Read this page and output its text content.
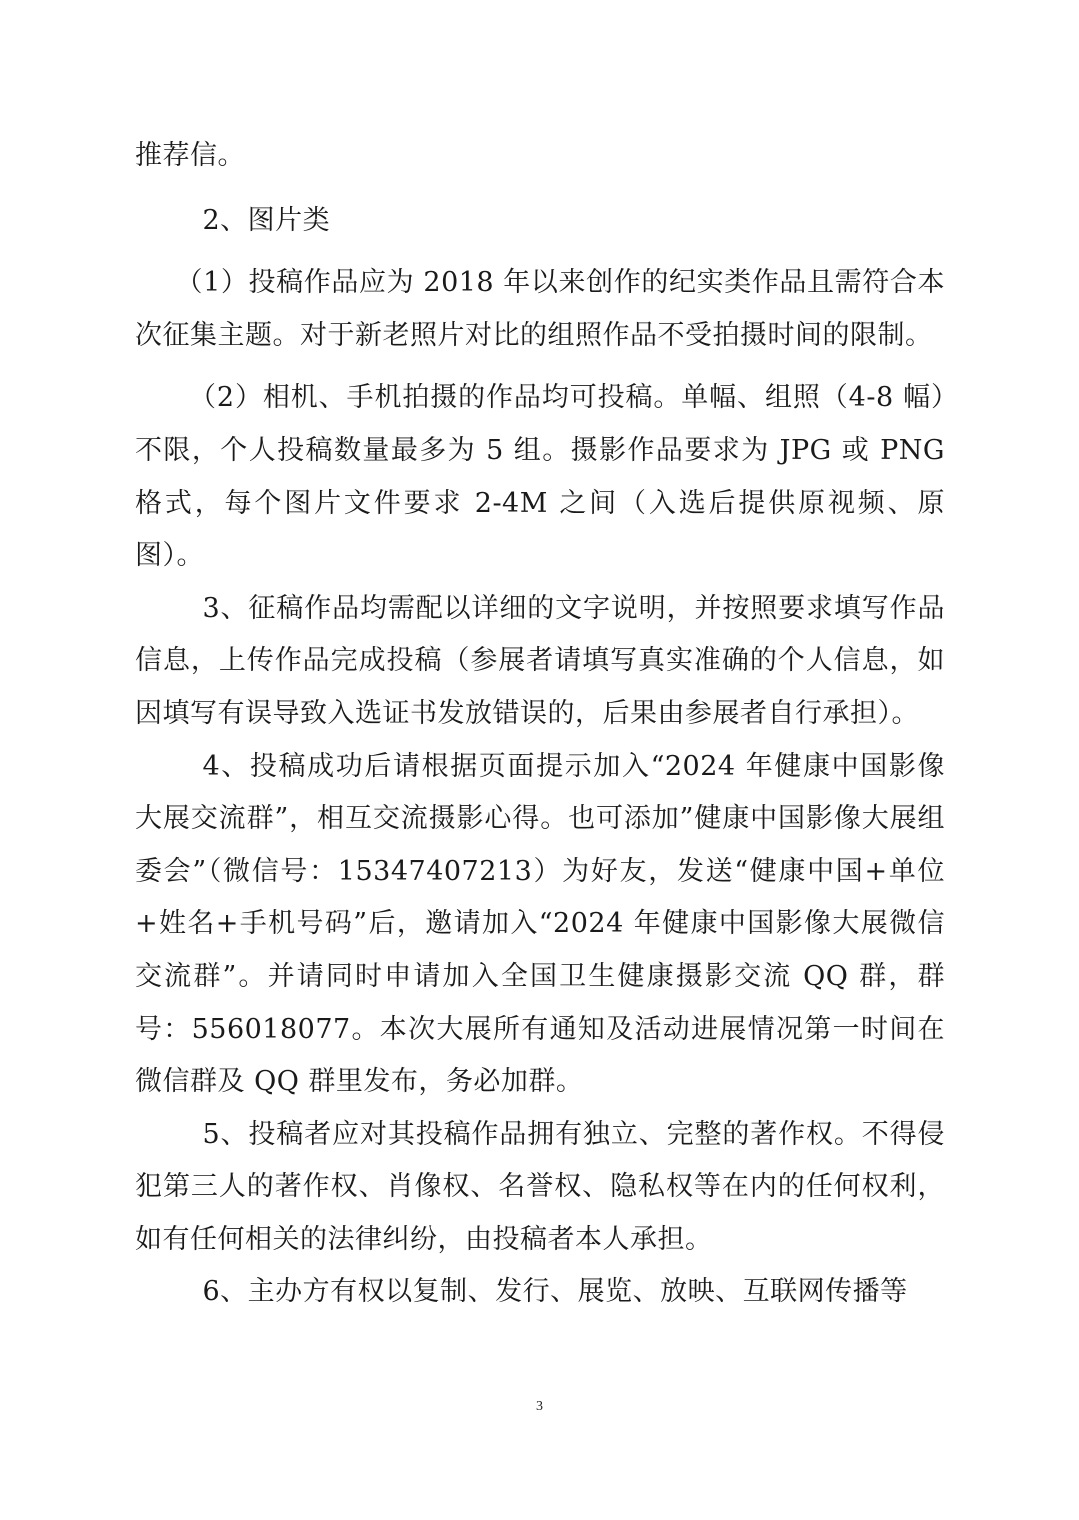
推荐信。

2、图片类

（1）投稿作品应为 2018 年以来创作的纪实类作品且需符合本次征集主题。对于新老照片对比的组照作品不受拍摄时间的限制。

（2）相机、手机拍摄的作品均可投稿。单幅、组照（4-8 幅）不限，个人投稿数量最多为 5 组。摄影作品要求为 JPG 或 PNG 格式，每个图片文件要求 2-4M 之间（入选后提供原视频、原图）。

3、征稿作品均需配以详细的文字说明，并按照要求填写作品信息，上传作品完成投稿（参展者请填写真实准确的个人信息，如因填写有误导致入选证书发放错误的，后果由参展者自行承担）。

4、投稿成功后请根据页面提示加入“2024 年健康中国影像大展交流群”，相互交流摄影心得。也可添加”健康中国影像大展组委会”（微信号：15347407213）为好友，发送“健康中国+单位+姓名+手机号码”后，邀请加入“2024 年健康中国影像大展微信交流群”。并请同时申请加入全国卫生健康摄影交流 QQ 群，群号：556018077。本次大展所有通知及活动进展情况第一时间在微信群及 QQ 群里发布，务必加群。

5、投稿者应对其投稿作品拥有独立、完整的著作权。不得侵犯第三人的著作权、肖像权、名誉权、隐私权等在内的任何权利，如有任何相关的法律纠纷，由投稿者本人承担。

6、主办方有权以复制、发行、展览、放映、互联网传播等

3
